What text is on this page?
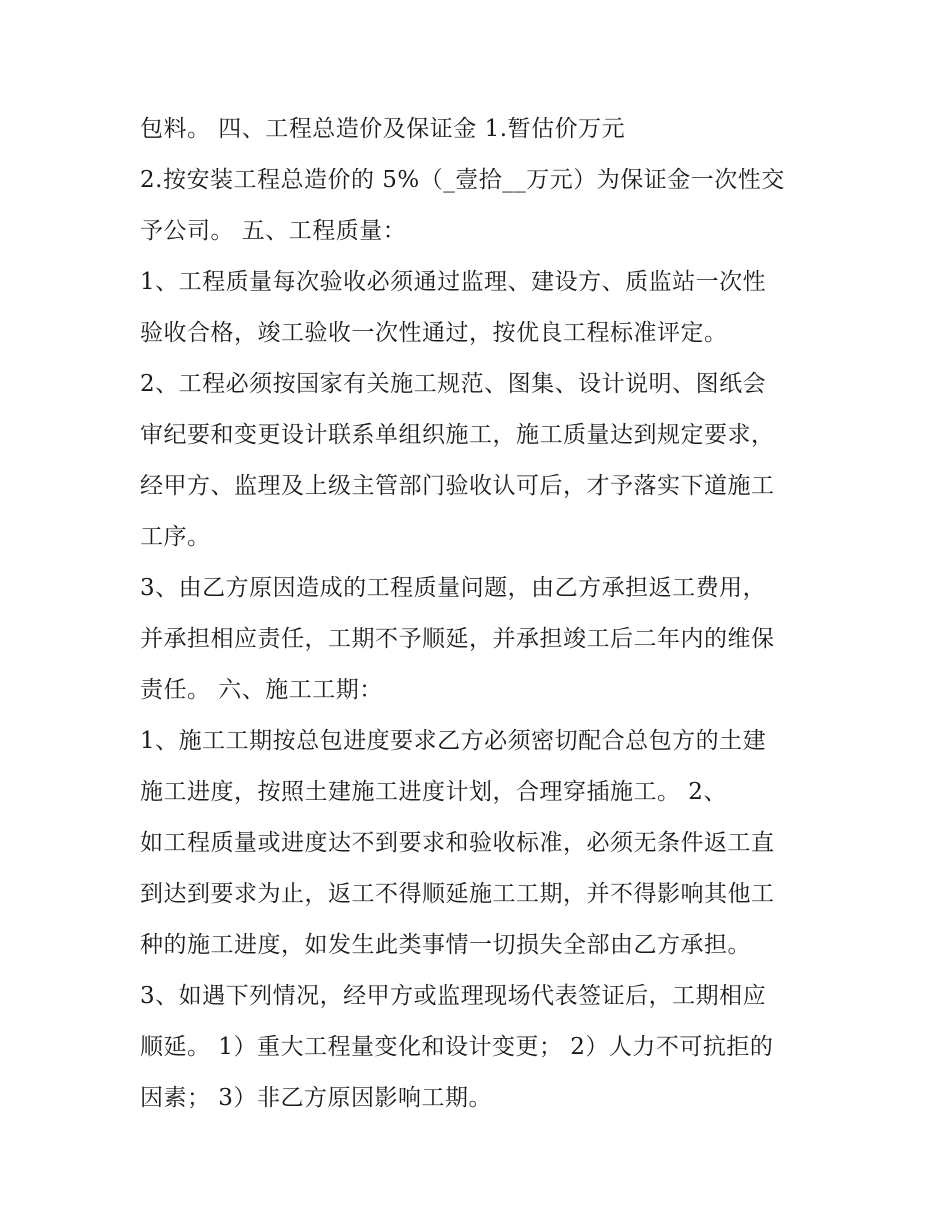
包料。 四、工程总造价及保证金 1.暂估价万元
2.按安装工程总造价的 5%（_壹拾__万元）为保证金一次性交
予公司。 五、工程质量：
1、工程质量每次验收必须通过监理、建设方、质监站一次性
验收合格，竣工验收一次性通过，按优良工程标准评定。
2、工程必须按国家有关施工规范、图集、设计说明、图纸会
审纪要和变更设计联系单组织施工，施工质量达到规定要求，
经甲方、监理及上级主管部门验收认可后，才予落实下道施工
工序。
3、由乙方原因造成的工程质量问题，由乙方承担返工费用，
并承担相应责任，工期不予顺延，并承担竣工后二年内的维保
责任。 六、施工工期：
1、施工工期按总包进度要求乙方必须密切配合总包方的土建
施工进度，按照土建施工进度计划，合理穿插施工。 2、
如工程质量或进度达不到要求和验收标准，必须无条件返工直
到达到要求为止，返工不得顺延施工工期，并不得影响其他工
种的施工进度，如发生此类事情一切损失全部由乙方承担。
3、如遇下列情况，经甲方或监理现场代表签证后，工期相应
顺延。 1）重大工程量变化和设计变更； 2）人力不可抗拒的
因素； 3）非乙方原因影响工期。
